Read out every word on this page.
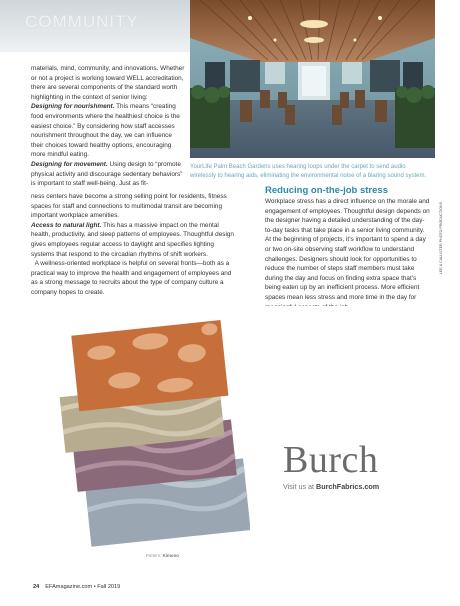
COMMUNITY

materials, mind, community, and innovations. Whether or not a project is working toward WELL accreditation, there are several components of the standard worth highlighting in the context of senior living:

Designing for nourishment. This means “creating food environments where the healthiest choice is the easiest choice.” By considering how staff accesses nourishment throughout the day, we can influence their choices toward healthy options, encouraging more mindful eating.

Designing for movement. Using design to “promote physical activity and discourage sedentary behaviors” is important to staff well-being. Just as fit-

ness centers have become a strong selling point for residents, fitness spaces for staff and connections to multimodal transit are becoming important workplace amenities.

Access to natural light. This has a massive impact on the mental health, productivity, and sleep patterns of employees. Thoughtful design gives employees regular access to daylight and specifies lighting systems that respond to the circadian rhythms of shift workers.

A wellness-oriented workplace is helpful on several fronts—both as a practical way to improve the health and engagement of employees and as a strong message to recruits about the type of company culture a company hopes to create.

YourLife Palm Beach Gardens uses hearing loops under the carpet to send audio wirelessly to hearing aids, eliminating the environmental noise of a blaring sound system.
Reducing on-the-job stress
Workplace stress has a direct influence on the morale and engagement of employees. Thoughtful design depends on the designer having a detailed understanding of the day-to-day tasks that take place in a senior living community. At the beginning of projects, it’s important to spend a day or two on-site observing staff workflow to understand challenges. Designers should look for opportunities to reduce the number of steps staff members must take during the day and focus on finding extra space that’s being eaten up by an inefficient process. More efficient spaces mean less stress and more time in the day for
LEE & CALLISTER PHOTO PRODUCTIONS
Burch
Visit us at BurchFabrics.com
Pattern: Kimono
24 EFAmagazine.com • Fall 2019
